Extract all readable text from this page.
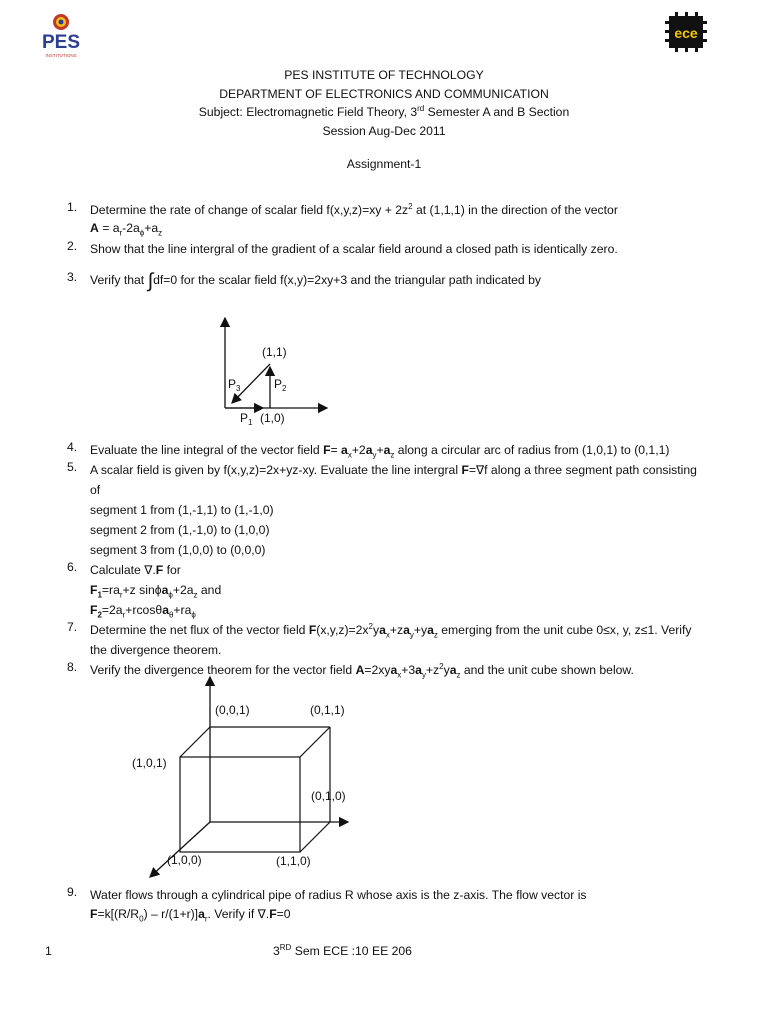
PES
INSTITUTIONS
ece
PES INSTITUTE OF TECHNOLOGY
DEPARTMENT OF ELECTRONICS AND COMMUNICATION
Subject: Electromagnetic Field Theory, 3rd Semester A and B Section
Session Aug-Dec 2011
Assignment-1
1. Determine the rate of change of scalar field $f(x,y,z)=xy + 2z^2$ at (1,1,1) in the direction of the vector
$A = a_r-2a_\phi+a_z$
2. Show that the line intergral of the gradient of a scalar field around a closed path is identically zero.
3. Verify that ∫df=0 for the scalar field f(x,y)=2xy+3 and the triangular path indicated by
(1,1)
$P_3$	$P_2$
$P_1$ (1,0)
4. Evaluate the line integral of the vector field $F= a_x+2a_y+a_z$ along a circular arc of radius from (1,0,1) to (0,1,1)
5. A scalar field is given by f(x,y,z)=2x+yz-xy. Evaluate the line intergral F=∇f along a three segment path consisting
of
segment 1 from (1,-1,1) to (1,-1,0)
segment 2 from (1,-1,0) to (1,0,0)
segment 3 from (1,0,0) to (0,0,0)
6. Calculate ∇.F for
$F_1=ra_r+z$ $\sin\phi a_\phi+2a_z$ and
$F_2=2a_r+rcos\theta a_\theta+ra_\phi$
7. Determine the net flux of the vector field $F(x,y,z)=2x^2ya_x+za_y+ya_z$ emerging from the unit cube 0≤x, y, z≤1. Verify
the divergence theorem.
8. Verify the divergence theorem for the vector field $A=2xya_x+3a_y+z^2ya_z$ and the unit cube shown below.
(0,0,1)	(0,1,1)
(1,0,1)
(0,1,0)
(1,0,0)	(1,1,0)
9. Water flows through a cylindrical pipe of radius R whose axis is the z-axis. The flow vector is
$F=k[(R/R_0) - r/(1+r)]a_r$. Verify if ∇.F=0
1	3RD Sem ECE :10 EE 206
